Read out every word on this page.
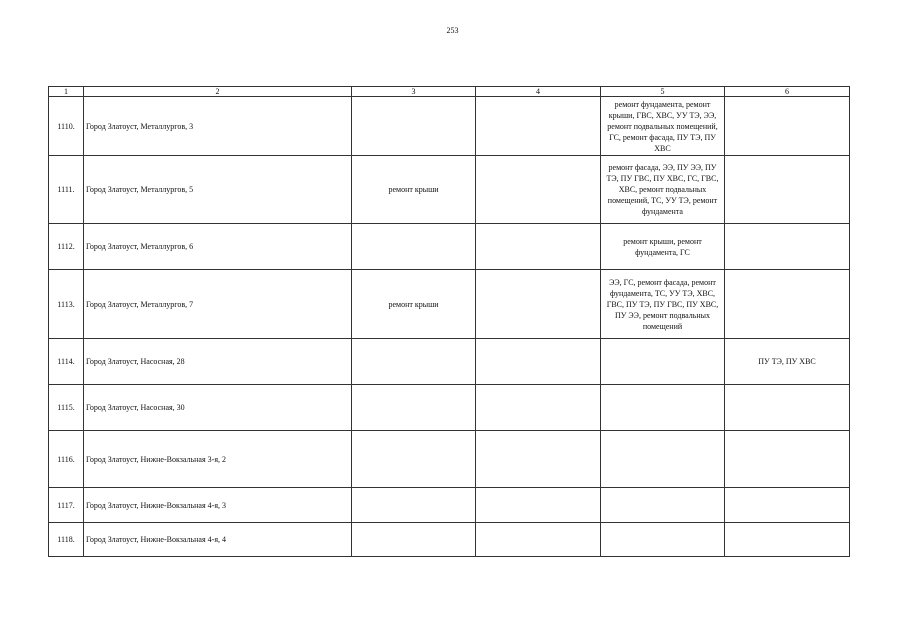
253
1	2	3	4	5	6
1110.	Город Златоуст, Металлургов, 3			ремонт фундамента, ремонт крыши, ГВС, ХВС, УУ ТЭ, ЭЭ, ремонт подвальных помещений, ГС, ремонт фасада, ПУ ТЭ, ПУ ХВС	
1111.	Город Златоуст, Металлургов, 5	ремонт крыши		ремонт фасада, ЭЭ, ПУ ЭЭ, ПУ ТЭ, ПУ ГВС, ПУ ХВС, ГС, ГВС, ХВС, ремонт подвальных помещений, ТС, УУ ТЭ, ремонт фундамента	
1112.	Город Златоуст, Металлургов, 6			ремонт крыши, ремонт фундамента, ГС	
1113.	Город Златоуст, Металлургов, 7	ремонт крыши		ЭЭ, ГС, ремонт фасада, ремонт фундамента, ТС, УУ ТЭ, ХВС, ГВС, ПУ ТЭ, ПУ ГВС, ПУ ХВС, ПУ ЭЭ, ремонт подвальных помещений	
1114.	Город Златоуст, Насосная, 28				ПУ ТЭ, ПУ ХВС
1115.	Город Златоуст, Насосная, 30				
1116.	Город Златоуст, Нижне-Вокзальная 3-я, 2				
1117.	Город Златоуст, Нижне-Вокзальная 4-я, 3				
1118.	Город Златоуст, Нижне-Вокзальная 4-я, 4				
